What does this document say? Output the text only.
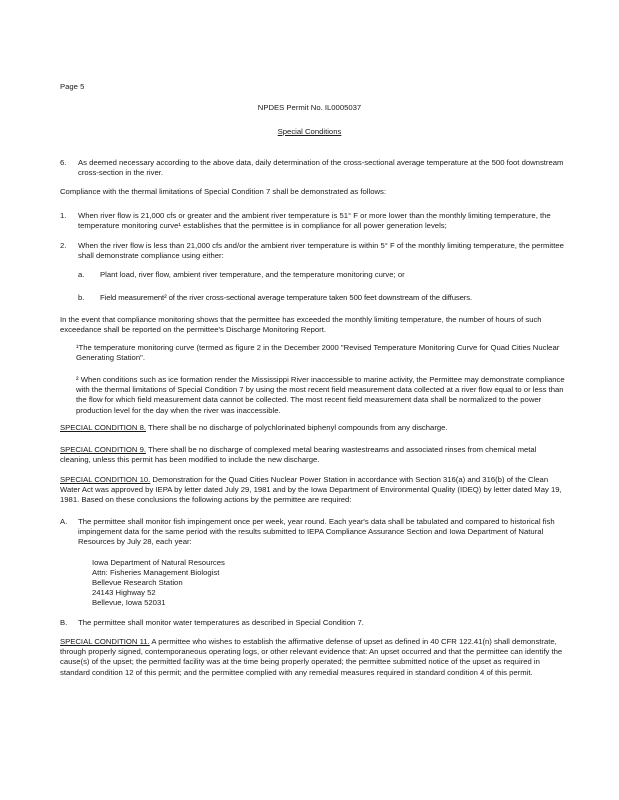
Page 5
NPDES Permit No. IL0005037
Special Conditions
6. As deemed necessary according to the above data, daily determination of the cross-sectional average temperature at the 500 foot downstream cross-section in the river.
Compliance with the thermal limitations of Special Condition 7 shall be demonstrated as follows:
1. When river flow is 21,000 cfs or greater and the ambient river temperature is 51° F or more lower than the monthly limiting temperature, the temperature monitoring curve¹ establishes that the permittee is in compliance for all power generation levels;
2. When the river flow is less than 21,000 cfs and/or the ambient river temperature is within 5° F of the monthly limiting temperature, the permittee shall demonstrate compliance using either:
a. Plant load, river flow, ambient river temperature, and the temperature monitoring curve; or
b. Field measurement² of the river cross-sectional average temperature taken 500 feet downstream of the diffusers.
In the event that compliance monitoring shows that the permittee has exceeded the monthly limiting temperature, the number of hours of such exceedance shall be reported on the permittee's Discharge Monitoring Report.
¹The temperature monitoring curve (termed as figure 2 in the December 2000 "Revised Temperature Monitoring Curve for Quad Cities Nuclear Generating Station".
² When conditions such as ice formation render the Mississippi River inaccessible to marine activity, the Permittee may demonstrate compliance with the thermal limitations of Special Condition 7 by using the most recent field measurement data collected at a river flow equal to or less than the flow for which field measurement data cannot be collected. The most recent field measurement data shall be normalized to the power production level for the day when the river was inaccessible.
SPECIAL CONDITION 8. There shall be no discharge of polychlorinated biphenyl compounds from any discharge.
SPECIAL CONDITION 9. There shall be no discharge of complexed metal bearing wastestreams and associated rinses from chemical metal cleaning, unless this permit has been modified to include the new discharge.
SPECIAL CONDITION 10. Demonstration for the Quad Cities Nuclear Power Station in accordance with Section 316(a) and 316(b) of the Clean Water Act was approved by IEPA by letter dated July 29, 1981 and by the Iowa Department of Environmental Quality (IDEQ) by letter dated May 19, 1981. Based on these conclusions the following actions by the permittee are required:
A. The permittee shall monitor fish impingement once per week, year round. Each year's data shall be tabulated and compared to historical fish impingement data for the same period with the results submitted to IEPA Compliance Assurance Section and Iowa Department of Natural Resources by July 28, each year:
Iowa Department of Natural Resources
Attn: Fisheries Management Biologist
Bellevue Research Station
24143 Highway 52
Bellevue, Iowa 52031
B. The permittee shall monitor water temperatures as described in Special Condition 7.
SPECIAL CONDITION 11. A permittee who wishes to establish the affirmative defense of upset as defined in 40 CFR 122.41(n) shall demonstrate, through properly signed, contemporaneous operating logs, or other relevant evidence that: An upset occurred and that the permittee can identify the cause(s) of the upset; the permitted facility was at the time being properly operated; the permittee submitted notice of the upset as required in standard condition 12 of this permit; and the permittee complied with any remedial measures required in standard condition 4 of this permit.
